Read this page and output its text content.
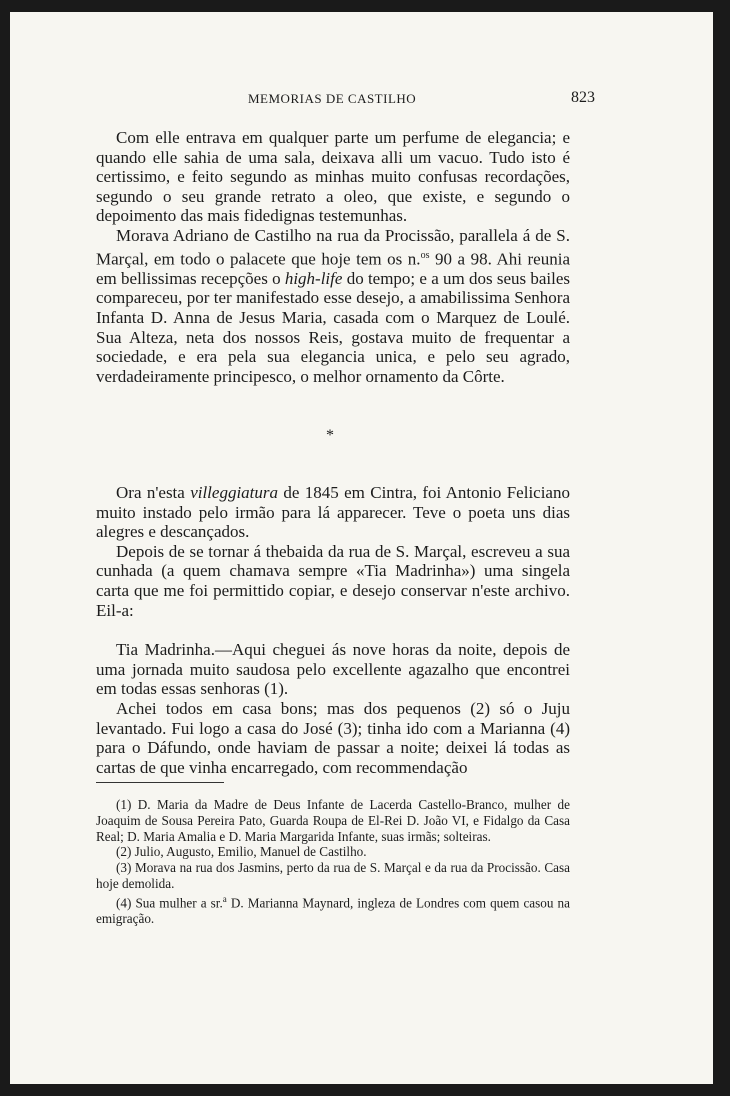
MEMORIAS DE CASTILHO	823

Com elle entrava em qualquer parte um perfume de elegancia; e quando elle sahia de uma sala, deixava alli um vacuo. Tudo isto é certissimo, e feito segundo as minhas muito confusas recordações, segundo o seu grande retrato a oleo, que existe, e segundo o depoimento das mais fidedignas testemunhas.

Morava Adriano de Castilho na rua da Procissão, parallela á de S. Marçal, em todo o palacete que hoje tem os n.$^{os}$ 90 a 98. Ahi reunia em bellissimas recepções o high-life do tempo; e a um dos seus bailes compareceu, por ter manifestado esse desejo, a amabilissima Senhora Infanta D. Anna de Jesus Maria, casada com o Marquez de Loulé. Sua Alteza, neta dos nossos Reis, gostava muito de frequentar a sociedade, e era pela sua elegancia unica, e pelo seu agrado, verdadeiramente principesco, o melhor ornamento da Côrte.

*

Ora n'esta villeggiatura de 1845 em Cintra, foi Antonio Feliciano muito instado pelo irmão para lá apparecer. Teve o poeta uns dias alegres e descançados.

Depois de se tornar á thebaida da rua de S. Marçal, escreveu a sua cunhada (a quem chamava sempre «Tia Madrinha») uma singela carta que me foi permittido copiar, e desejo conservar n'este archivo. Eil-a:

Tia Madrinha.—Aqui cheguei ás nove horas da noite, depois de uma jornada muito saudosa pelo excellente agazalho que encontrei em todas essas senhoras (1).

Achei todos em casa bons; mas dos pequenos (2) só o Juju levantado. Fui logo a casa do José (3); tinha ido com a Marianna (4) para o Dáfundo, onde haviam de passar a noite; deixei lá todas as cartas de que vinha encarregado, com recommendação

(1) D. Maria da Madre de Deus Infante de Lacerda Castello-Branco, mulher de Joaquim de Sousa Pereira Pato, Guarda Roupa de El-Rei D. João VI, e Fidalgo da Casa Real; D. Maria Amalia e D. Maria Margarida Infante, suas irmãs; solteiras.

(2) Julio, Augusto, Emilio, Manuel de Castilho.

(3) Morava na rua dos Jasmins, perto da rua de S. Marçal e da rua da Procissão. Casa hoje demolida.

(4) Sua mulher a sr.$^a$ D. Marianna Maynard, ingleza de Londres com quem casou na emigração.
